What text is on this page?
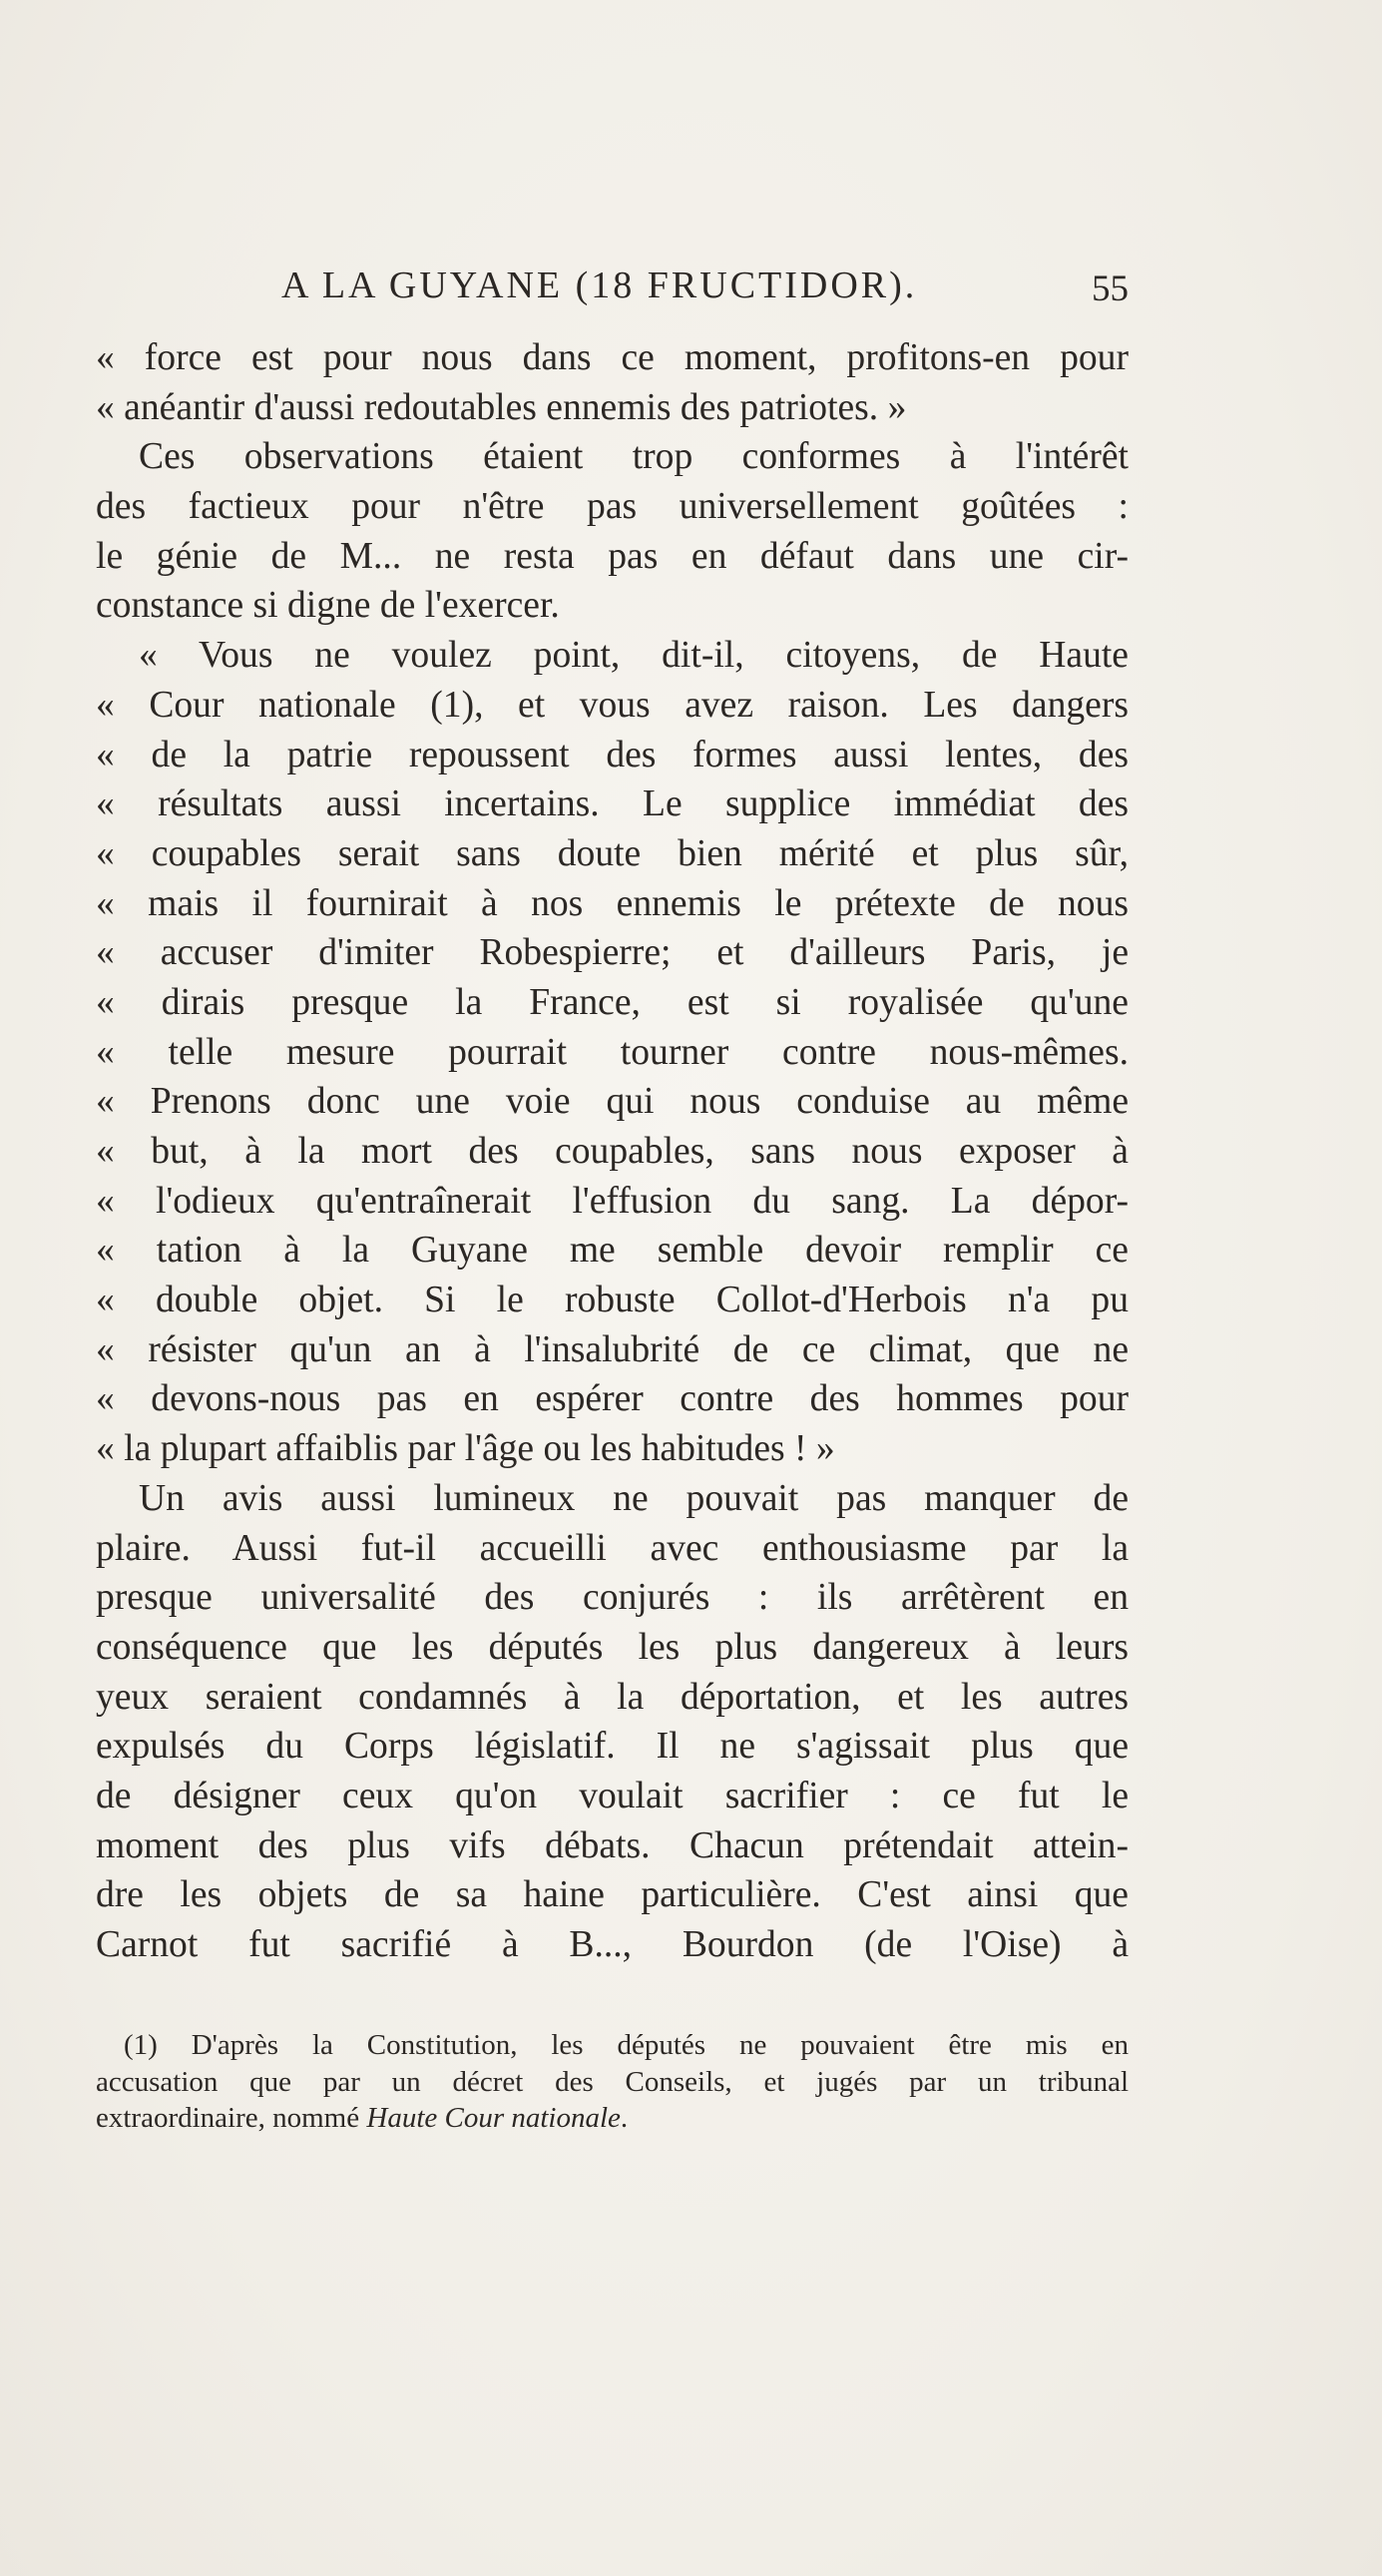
A LA GUYANE (18 FRUCTIDOR).	55
« force est pour nous dans ce moment, profitons-en pour
« anéantir d'aussi redoutables ennemis des patriotes. »
Ces observations étaient trop conformes à l'intérêt
des factieux pour n'être pas universellement goûtées :
le génie de M... ne resta pas en défaut dans une cir-
constance si digne de l'exercer.
« Vous ne voulez point, dit-il, citoyens, de Haute
« Cour nationale (1), et vous avez raison. Les dangers
« de la patrie repoussent des formes aussi lentes, des
« résultats aussi incertains. Le supplice immédiat des
« coupables serait sans doute bien mérité et plus sûr,
« mais il fournirait à nos ennemis le prétexte de nous
« accuser d'imiter Robespierre; et d'ailleurs Paris, je
« dirais presque la France, est si royalisée qu'une
« telle mesure pourrait tourner contre nous-mêmes.
« Prenons donc une voie qui nous conduise au même
« but, à la mort des coupables, sans nous exposer à
« l'odieux qu'entraînerait l'effusion du sang. La dépor-
« tation à la Guyane me semble devoir remplir ce
« double objet. Si le robuste Collot-d'Herbois n'a pu
« résister qu'un an à l'insalubrité de ce climat, que ne
« devons-nous pas en espérer contre des hommes pour
« la plupart affaiblis par l'âge ou les habitudes ! »
Un avis aussi lumineux ne pouvait pas manquer de
plaire. Aussi fut-il accueilli avec enthousiasme par la
presque universalité des conjurés : ils arrêtèrent en
conséquence que les députés les plus dangereux à leurs
yeux seraient condamnés à la déportation, et les autres
expulsés du Corps législatif. Il ne s'agissait plus que
de désigner ceux qu'on voulait sacrifier : ce fut le
moment des plus vifs débats. Chacun prétendait attein-
dre les objets de sa haine particulière. C'est ainsi que
Carnot fut sacrifié à B..., Bourdon (de l'Oise) à
(1) D'après la Constitution, les députés ne pouvaient être mis en
accusation que par un décret des Conseils, et jugés par un tribunal
extraordinaire, nommé Haute Cour nationale.
